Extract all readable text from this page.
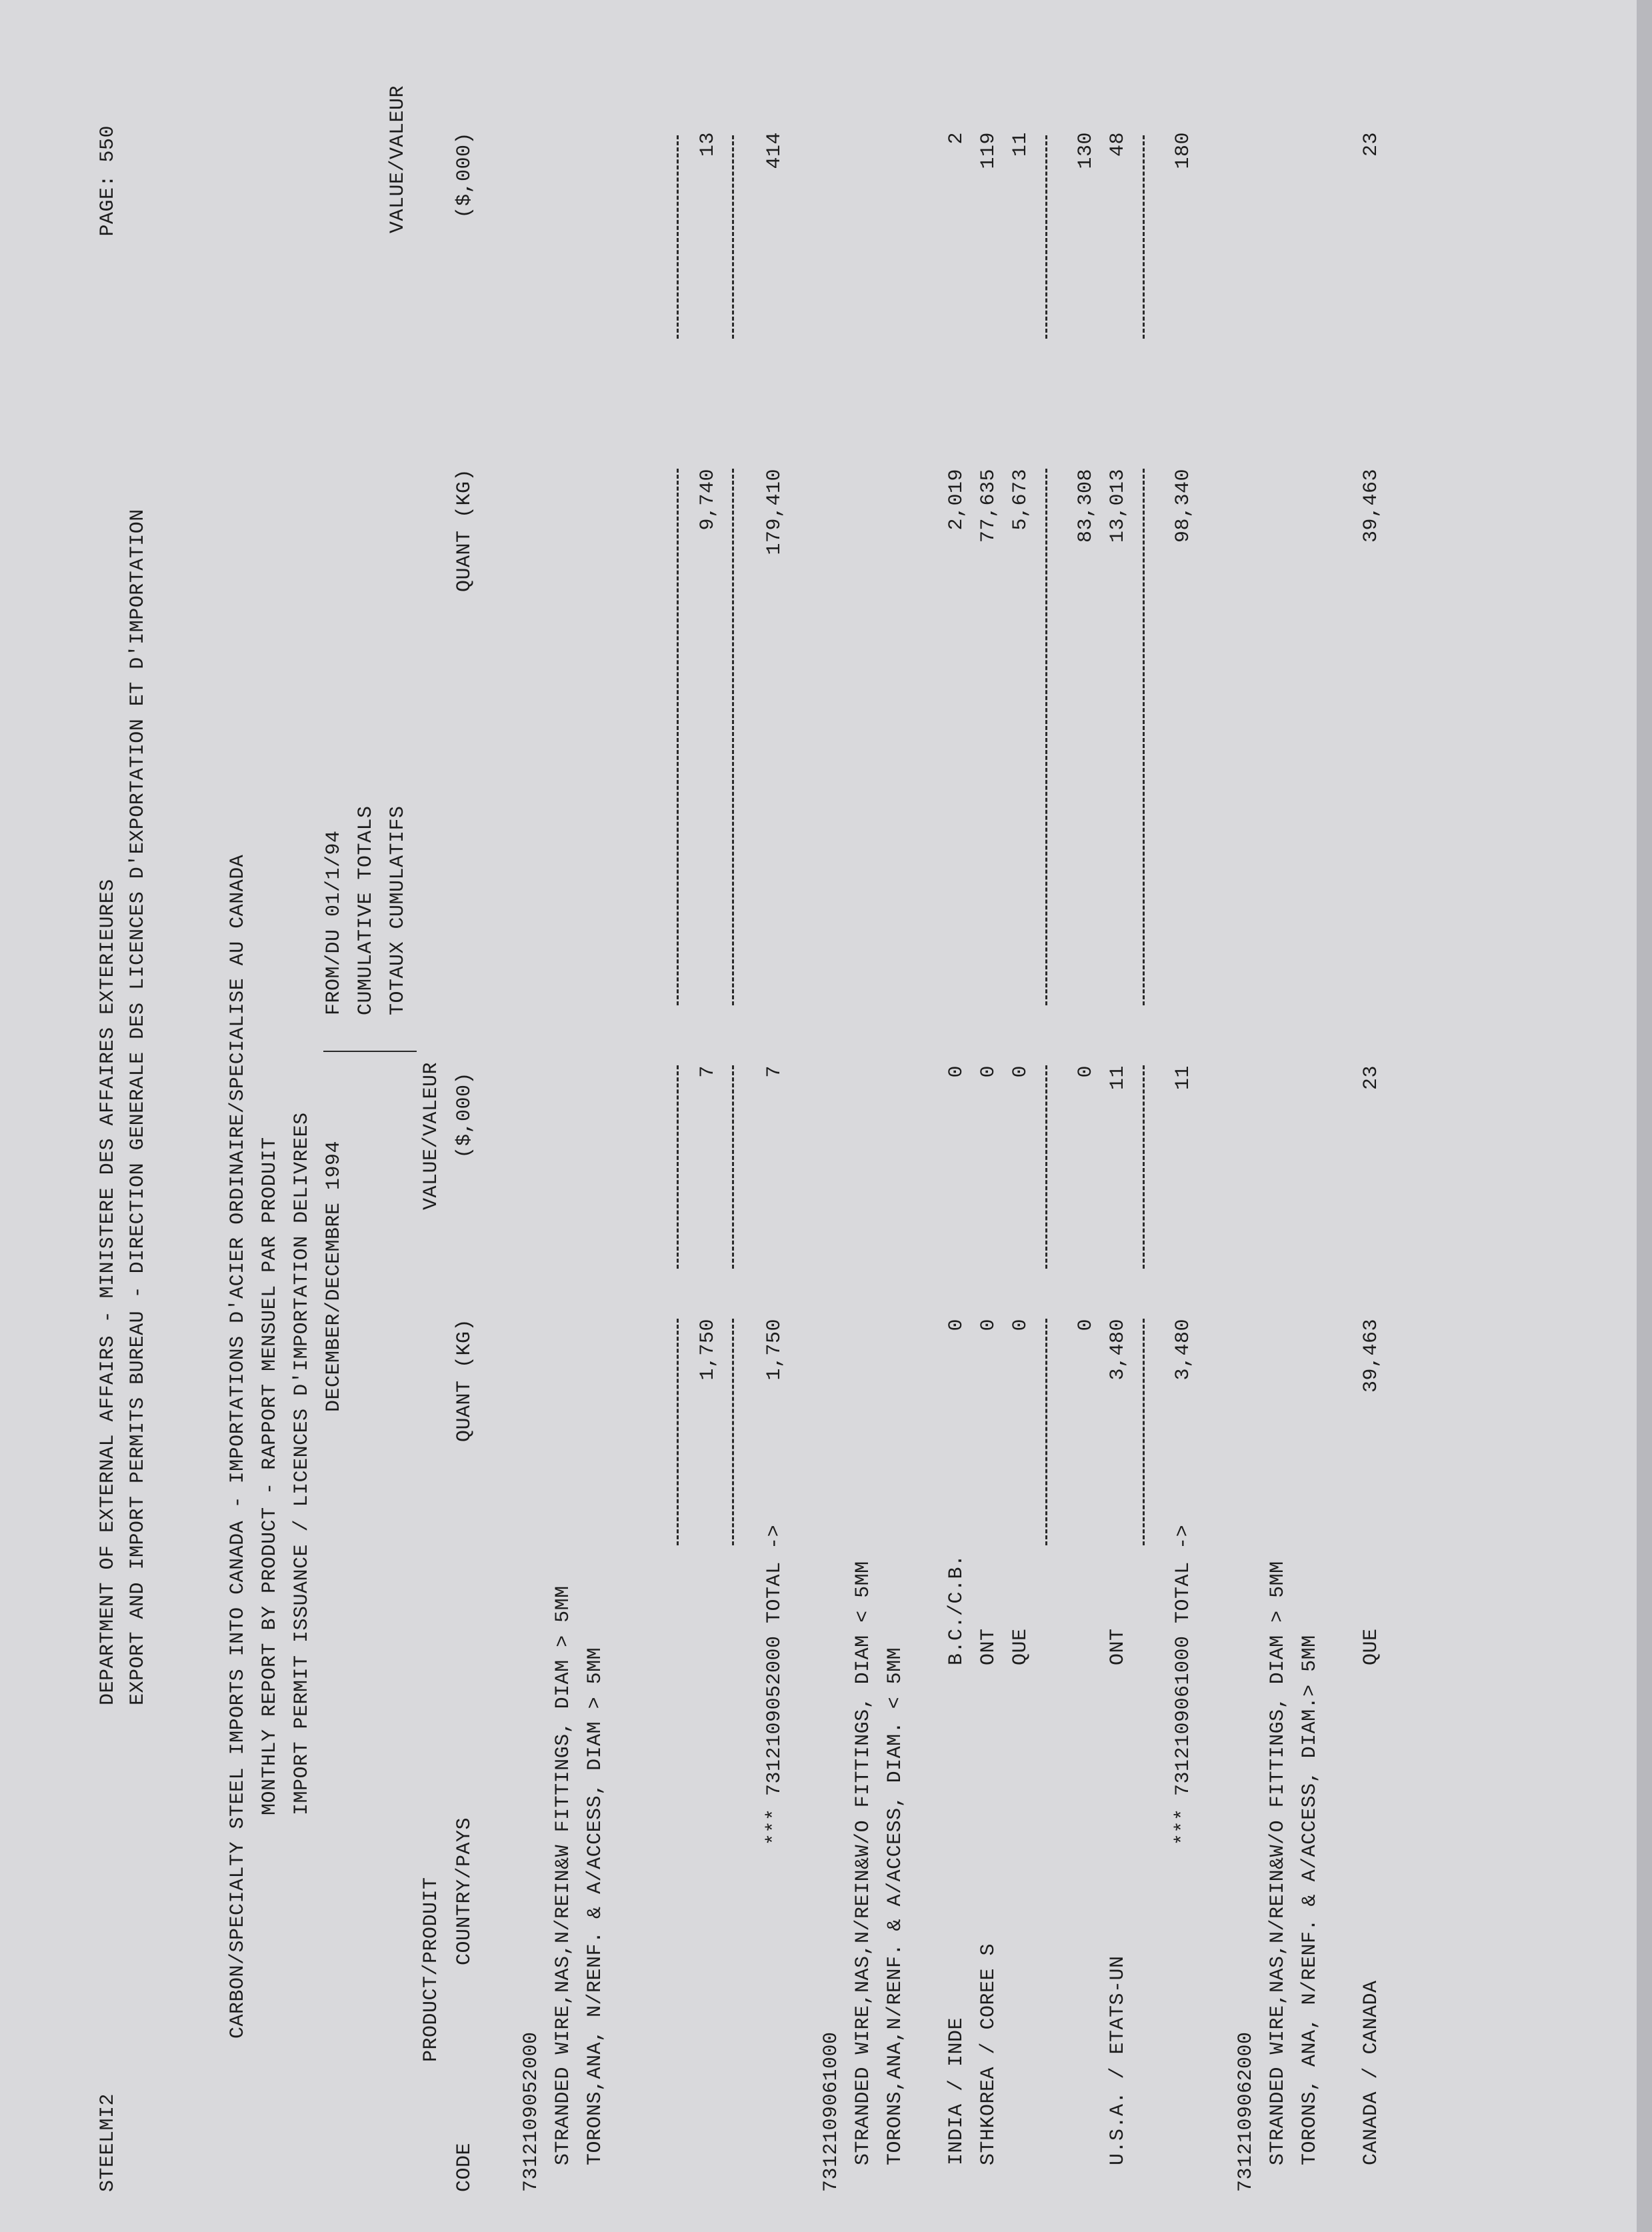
STEELMI2
DEPARTMENT OF EXTERNAL AFFAIRS - MINISTERE DES AFFAIRES EXTERIEURES
PAGE: 550
EXPORT AND IMPORT PERMITS BUREAU - DIRECTION GENERALE DES LICENCES D'EXPORTATION ET D'IMPORTATION	CARBON/SPECIALTY STEEL IMPORTS INTO CANADA - IMPORTATIONS D'ACIER ORDINAIRE/SPECIALISE AU CANADA MONTHLY REPORT BY PRODUCT - RAPPORT MENSUEL PAR PRODUIT IMPORT PERMIT ISSUANCE / LICENCES D'IMPORTATION DELIVREES DECEMBER/DECEMBRE 1994
FROM/DU 01/1/94 CUMULATIVE TOTALS TOTAUX CUMULATIFS
PRODUCT/PRODUIT
VALUE/VALEUR
VALUE/VALEUR
CODE
COUNTRY/PAYS
QUANT (KG)
($,000)
QUANT (KG)
($,000)
7312109052000 STRANDED WIRE,NAS,N/REIN&W FITTINGS, DIAM > 5MM TORONS,ANA, N/RENF. & A/ACCESS, DIAM > 5MM
1,750
7
9,740
13
*** 7312109052000 TOTAL ->
1,750
7
179,410
414
7312109061000 STRANDED WIRE,NAS,N/REIN&W/O FITTINGS, DIAM < 5MM TORONS,ANA,N/RENF. & A/ACCESS, DIAM. < 5MM INDIA / INDE
B.C./C.B.
0
0
2,019
2
STHKOREA / COREE S
ONT
0
0
77,635
119
QUE
0
0
5,673
11
0
0
83,308
130
U.S.A. / ETATS-UN
ONT
3,480
11
13,013
48
*** 7312109061000 TOTAL ->
3,480
11
98,340
180
7312109062000 STRANDED WIRE,NAS,N/REIN&W/O FITTINGS, DIAM > 5MM TORONS, ANA, N/RENF. & A/ACCESS, DIAM.> 5MM CANADA / CANADA
QUE
39,463
23
39,463
23
